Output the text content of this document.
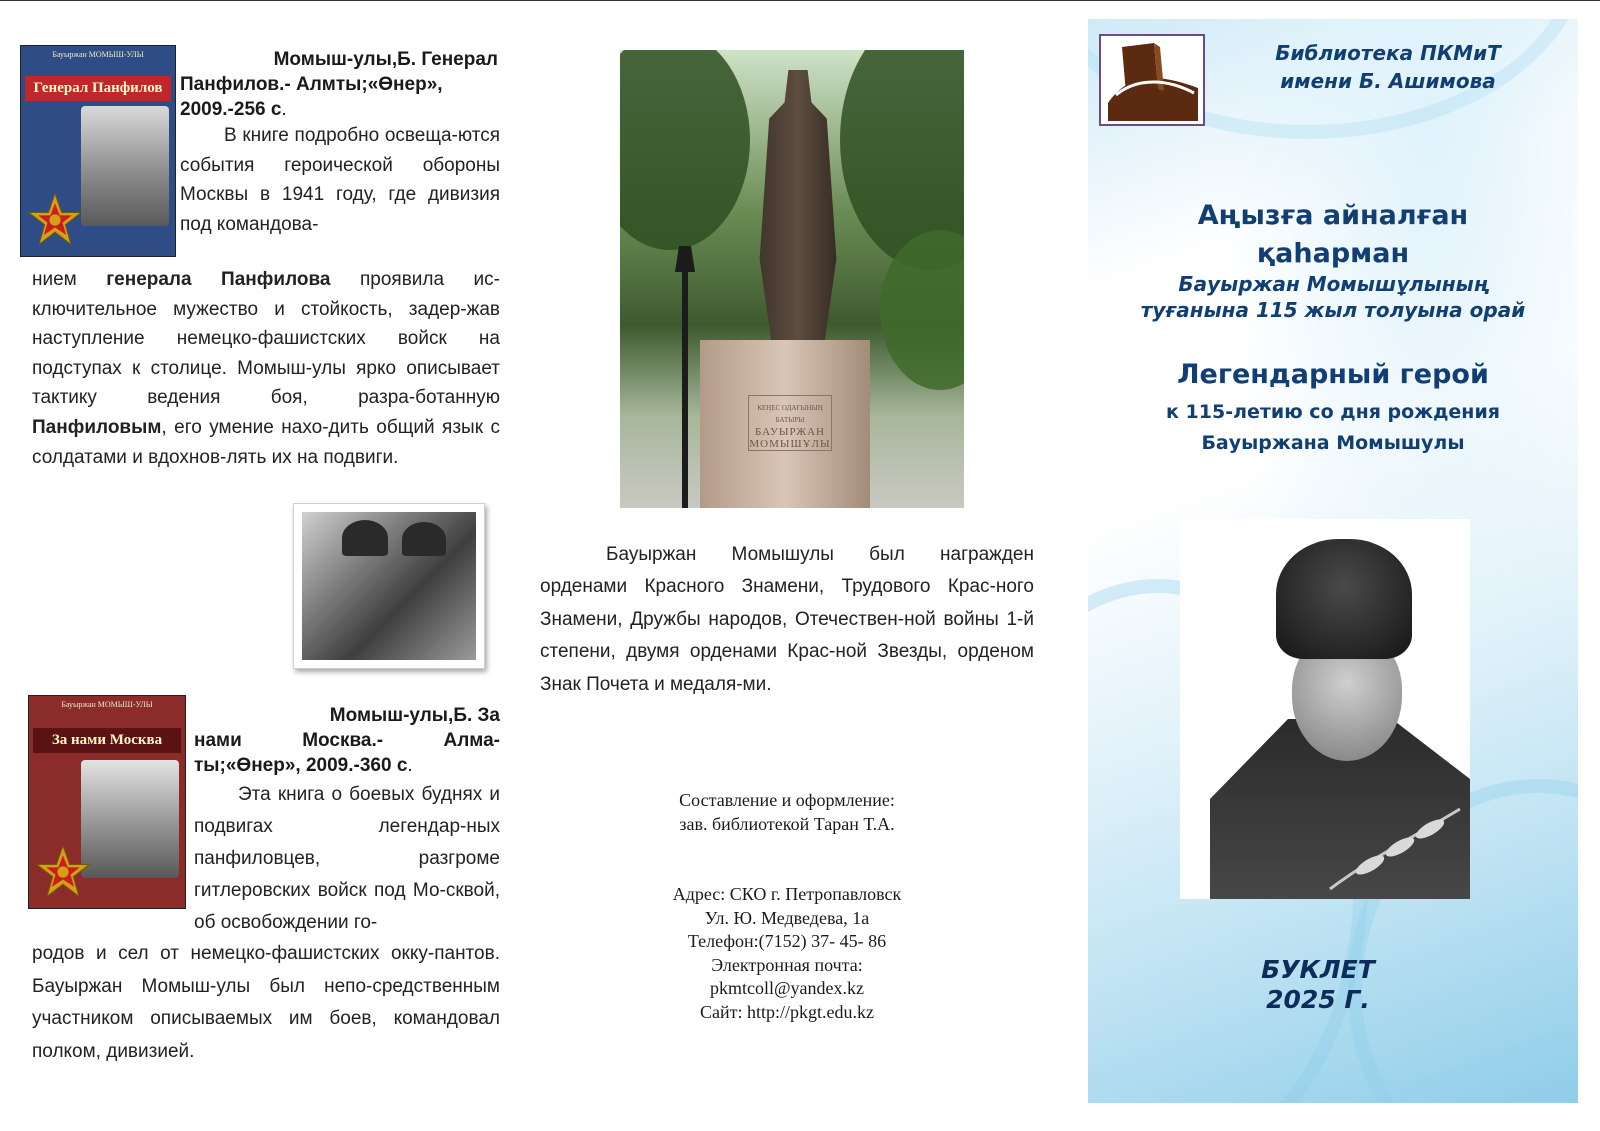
Бауыржан МОМЫШ-УЛЫ
Генерал Панфилов
Момыш-улы,Б. Генерал
Панфилов.- Алмты;«Өнер»,
2009.-256 с.
В книге подробно освеща-ются события героической обороны Москвы в 1941 году, где дивизия под командова-
нием генерала Панфилова проявила ис-ключительное мужество и стойкость, задер-жав наступление немецко-фашистских войск на подступах к столице. Момыш-улы ярко описывает тактику ведения боя, разра-ботанную Панфиловым, его умение нахо-дить общий язык с солдатами и вдохнов-лять их на подвиги.
Бауыржан МОМЫШ-УЛЫ
За нами Москва
Момыш-улы,Б. За
нами Москва.- Алма-
ты;«Өнер», 2009.-360 с.
Эта книга о боевых буднях и подвигах легендар-ных панфиловцев, разгроме гитлеровских войск под Мо-сквой, об освобождении го-
родов и сел от немецко-фашистских окку-пантов. Бауыржан Момыш-улы был непо-средственным участником описываемых им боев, командовал полком, дивизией.
КЕҢЕС ОДАҒЫНЫҢ
БАТЫРЫ
БАУЫРЖАН
МОМЫШҰЛЫ

Бауыржан Момышулы был награжден орденами Красного Знамени, Трудового Крас-ного Знамени, Дружбы народов, Отечествен-ной войны 1-й степени, двумя орденами Крас-ной Звезды, орденом Знак Почета и медаля-ми.

Составление и оформление:
зав. библиотекой Таран Т.А.
Адрес: СКО г. Петропавловск
Ул. Ю. Медведева, 1а
Телефон:(7152) 37- 45- 86
Электронная почта:
pkmtcoll@yandex.kz
Сайт: http://pkgt.edu.kz
Библиотека ПКМиТ
имени Б. Ашимова
Аңызға айналған
қаһарман
Бауыржан Момышұлының
туғанына 115 жыл толуына орай
Легендарный герой
к 115-летию со дня рождения
Бауыржана Момышулы
БУКЛЕТ
2025 Г.
